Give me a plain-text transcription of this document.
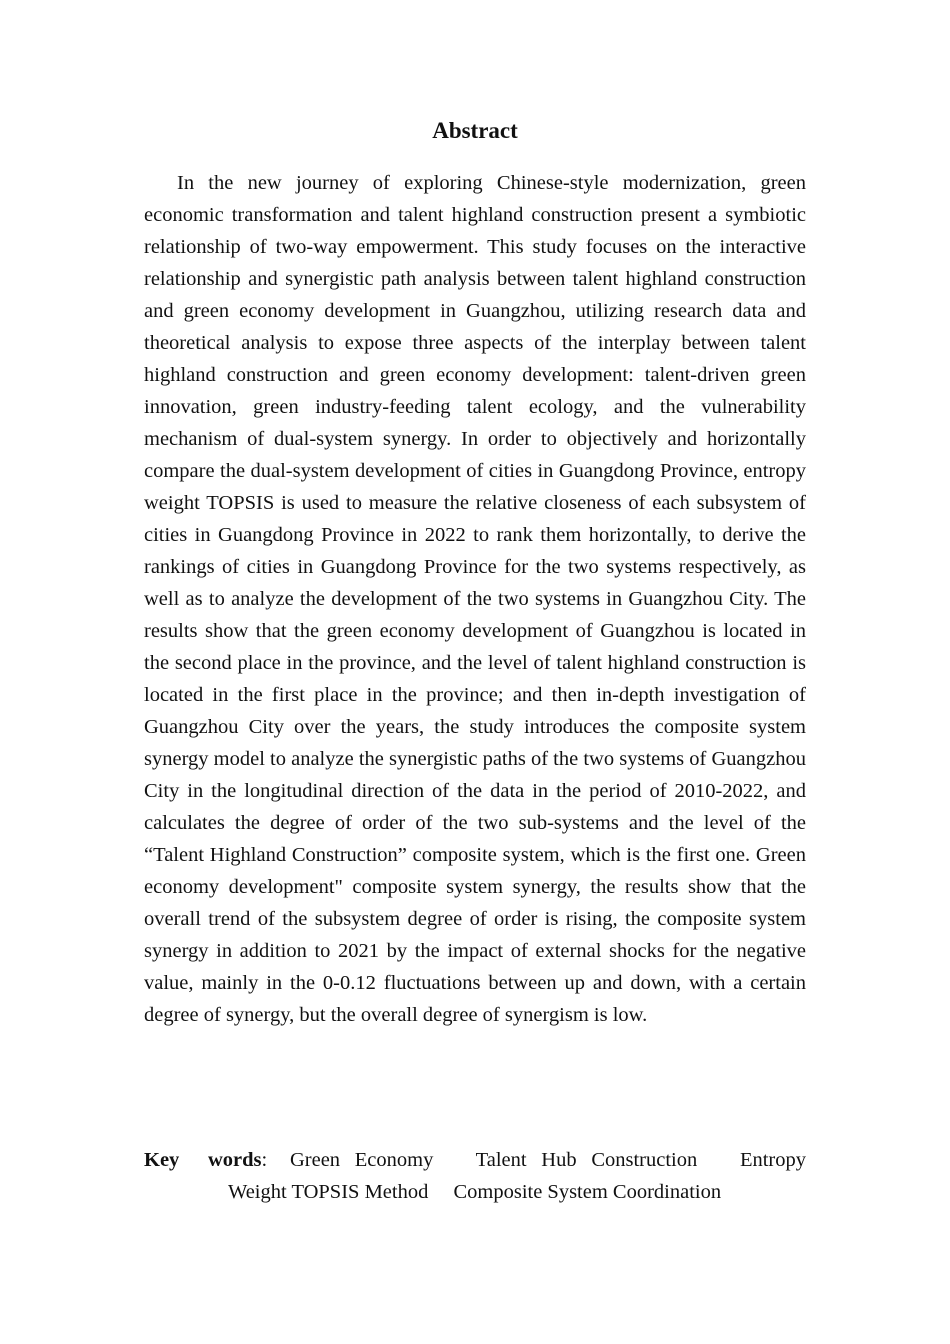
Abstract

In the new journey of exploring Chinese-style modernization, green economic transformation and talent highland construction present a symbiotic relationship of two-way empowerment. This study focuses on the interactive relationship and synergistic path analysis between talent highland construction and green economy development in Guangzhou, utilizing research data and theoretical analysis to expose three aspects of the interplay between talent highland construction and green economy development: talent-driven green innovation, green industry-feeding talent ecology, and the vulnerability mechanism of dual-system synergy. In order to objectively and horizontally compare the dual-system development of cities in Guangdong Province, entropy weight TOPSIS is used to measure the relative closeness of each subsystem of cities in Guangdong Province in 2022 to rank them horizontally, to derive the rankings of cities in Guangdong Province for the two systems respectively, as well as to analyze the development of the two systems in Guangzhou City. The results show that the green economy development of Guangzhou is located in the second place in the province, and the level of talent highland construction is located in the first place in the province; and then in-depth investigation of Guangzhou City over the years, the study introduces the composite system synergy model to analyze the synergistic paths of the two systems of Guangzhou City in the longitudinal direction of the data in the period of 2010-2022, and calculates the degree of order of the two sub-systems and the level of the “Talent Highland Construction” composite system, which is the first one. Green economy development" composite system synergy, the results show that the overall trend of the subsystem degree of order is rising, the composite system synergy in addition to 2021 by the impact of external shocks for the negative value, mainly in the 0-0.12 fluctuations between up and down, with a certain degree of synergy, but the overall degree of synergism is low.

Key words: Green Economy Talent Hub Construction Entropy

Weight TOPSIS Method Composite System Coordination
